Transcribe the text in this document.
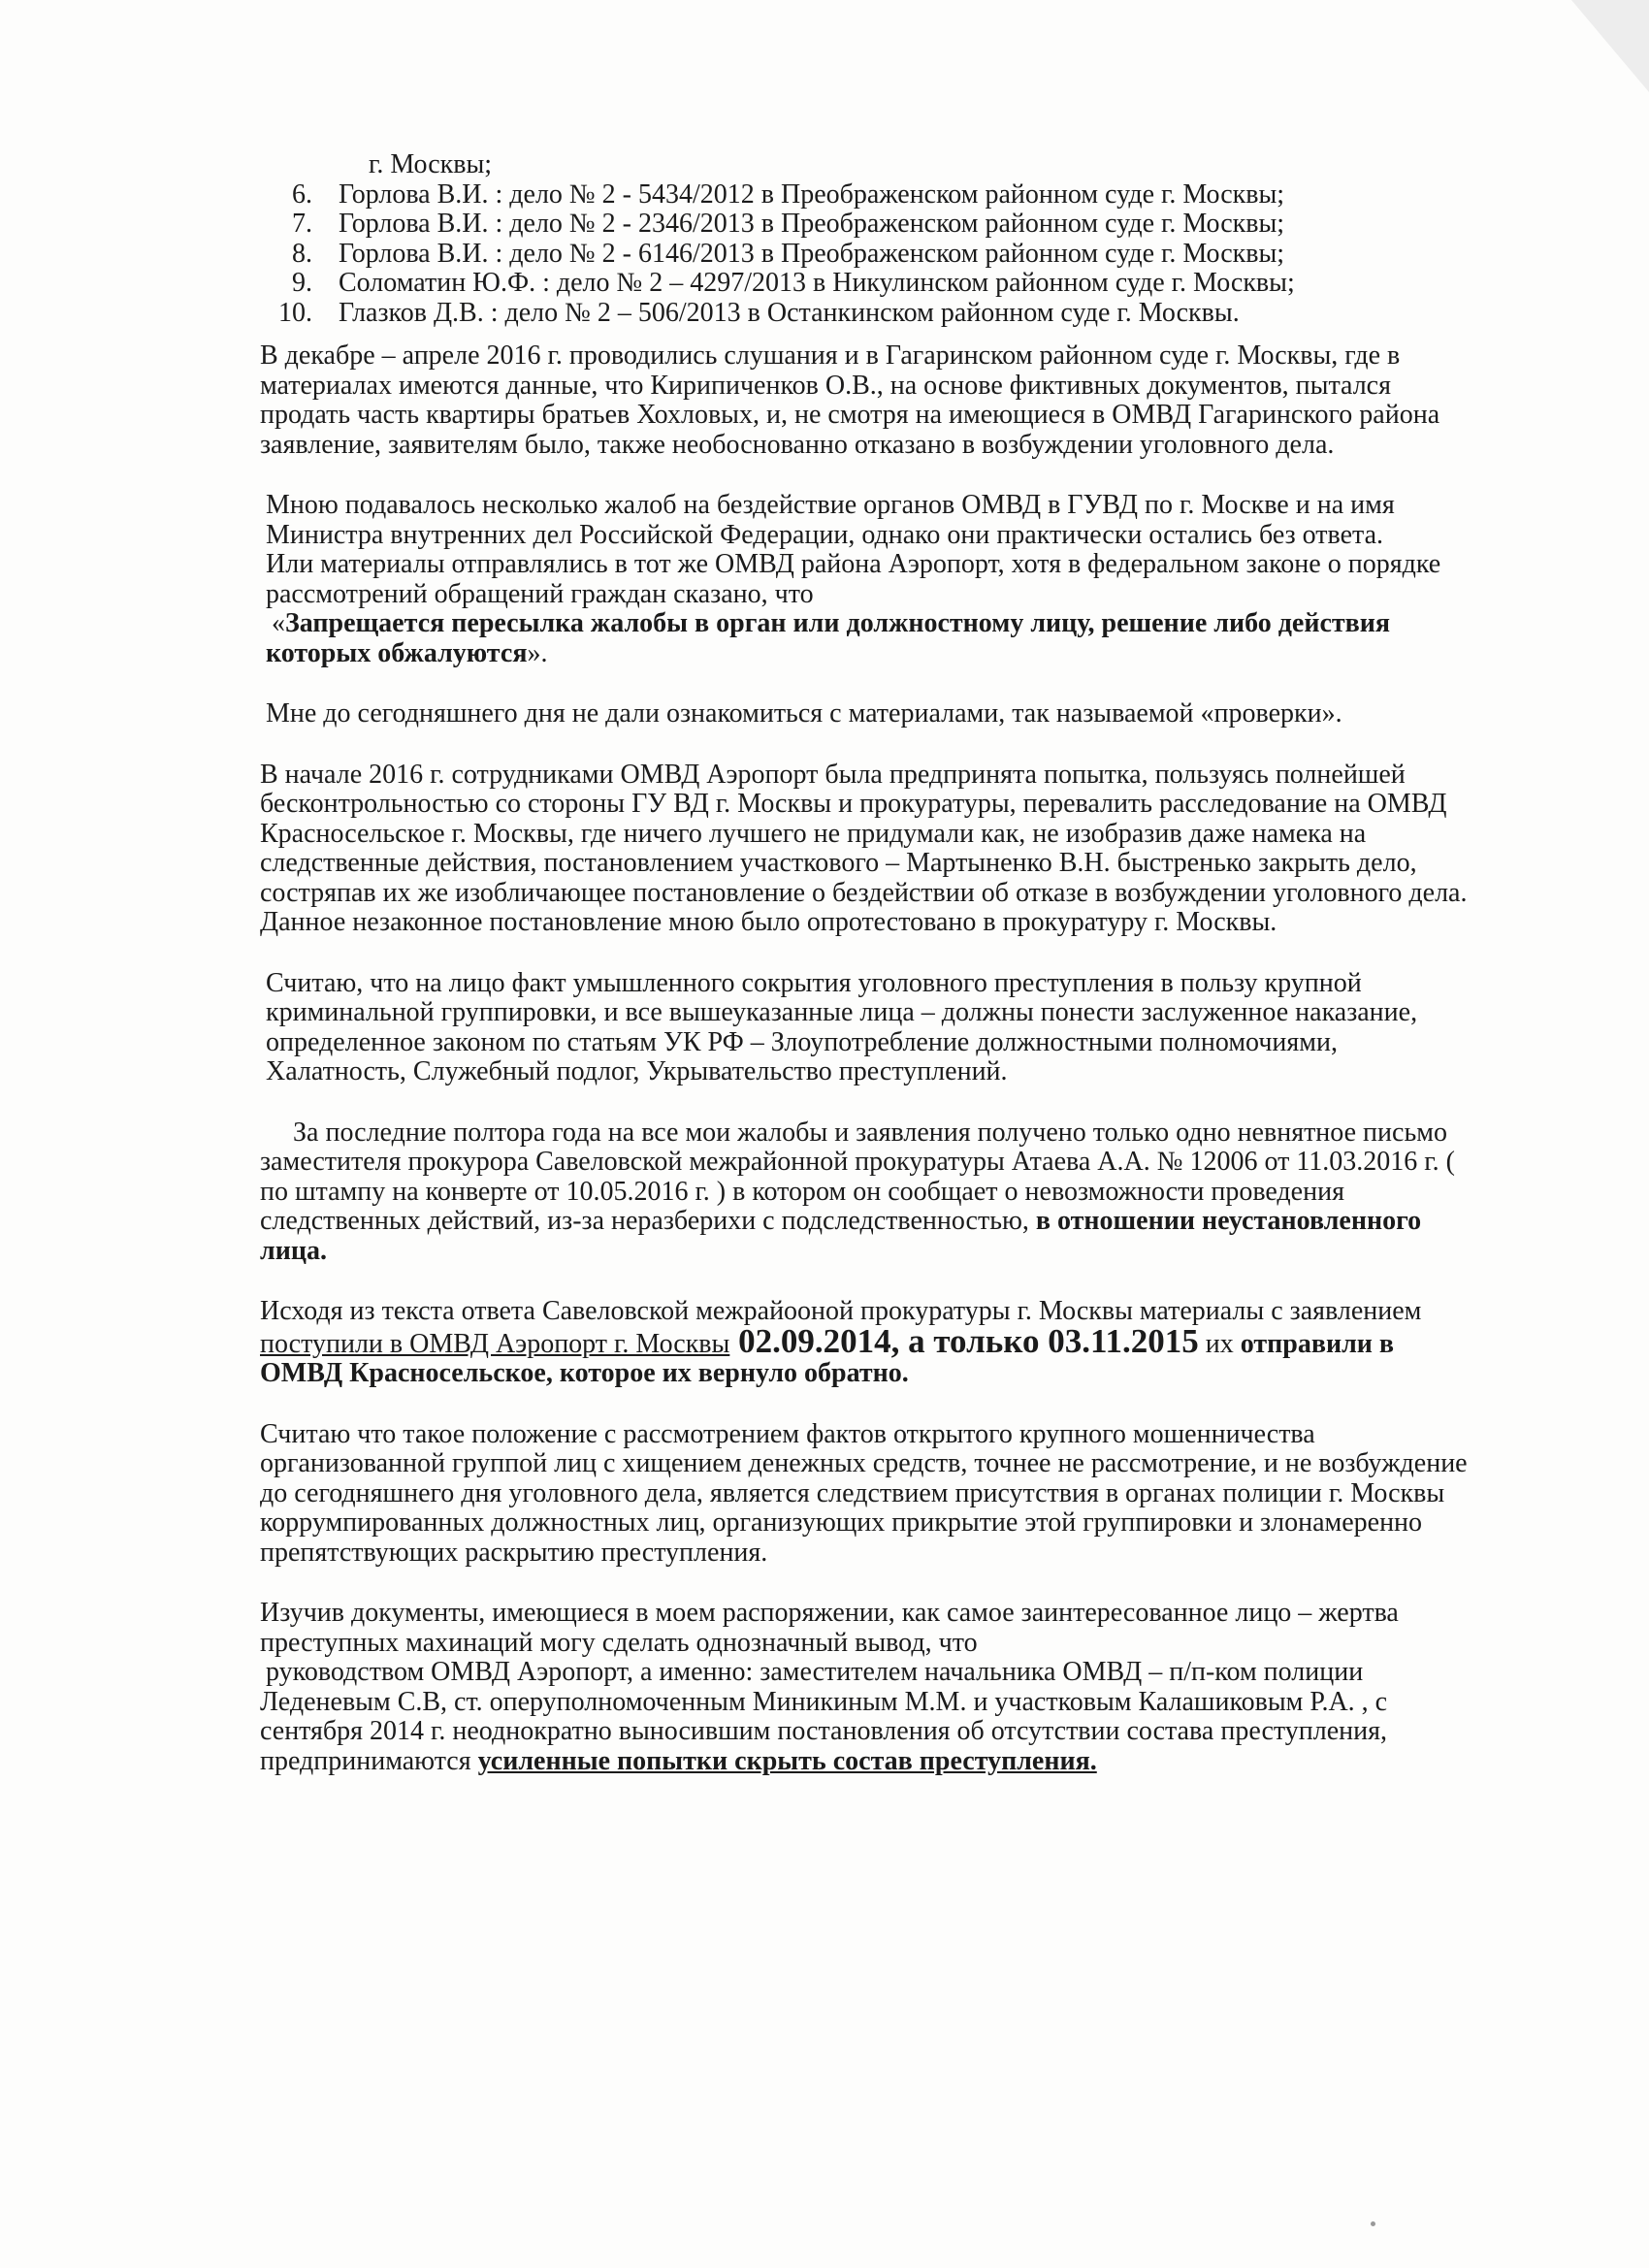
г. Москвы;
6. Горлова В.И. : дело № 2 - 5434/2012 в Преображенском районном суде г. Москвы;
7. Горлова В.И. : дело № 2 - 2346/2013 в Преображенском районном суде г. Москвы;
8. Горлова В.И. : дело № 2 - 6146/2013 в Преображенском районном суде г. Москвы;
9. Соломатин Ю.Ф. : дело № 2 – 4297/2013 в Никулинском районном суде г. Москвы;
10. Глазков Д.В. : дело № 2 – 506/2013 в Останкинском районном суде г. Москвы.

В декабре – апреле 2016 г. проводились слушания и в Гагаринском районном суде г. Москвы, где в материалах имеются данные, что Кирипиченков О.В., на основе фиктивных документов, пытался продать часть квартиры братьев Хохловых, и, не смотря на имеющиеся в ОМВД Гагаринского района заявление, заявителям было, также необоснованно отказано в возбуждении уголовного дела.

Мною подавалось несколько жалоб на бездействие органов ОМВД в ГУВД по г. Москве и на имя Министра внутренних дел Российской Федерации, однако они практически остались без ответа.
Или материалы отправлялись в тот же ОМВД района Аэропорт, хотя в федеральном законе о порядке рассмотрений обращений граждан сказано, что
«Запрещается пересылка жалобы в орган или должностному лицу, решение либо действия которых обжалуются».

Мне до сегодняшнего дня не дали ознакомиться с материалами, так называемой «проверки».

В начале 2016 г. сотрудниками ОМВД Аэропорт была предпринята попытка, пользуясь полнейшей бесконтрольностью со стороны ГУ ВД г. Москвы и прокуратуры, перевалить расследование на ОМВД Красносельское г. Москвы, где ничего лучшего не придумали как, не изобразив даже намека на следственные действия, постановлением участкового – Мартыненко В.Н. быстренько закрыть дело, состряпав их же изобличающее постановление о бездействии об отказе в возбуждении уголовного дела. Данное незаконное постановление мною было опротестовано в прокуратуру г. Москвы.

Считаю, что на лицо факт умышленного сокрытия уголовного преступления в пользу крупной криминальной группировки, и все вышеуказанные лица – должны понести заслуженное наказание, определенное законом по статьям УК РФ – Злоупотребление должностными полномочиями, Халатность, Служебный подлог, Укрывательство преступлений.

За последние полтора года на все мои жалобы и заявления получено только одно невнятное письмо заместителя прокурора Савеловской межрайонной прокуратуры Атаева А.А. № 12006 от 11.03.2016 г. ( по штампу на конверте от 10.05.2016 г. ) в котором он сообщает о невозможности проведения следственных действий, из-за неразберихи с подследственностью, в отношении неустановленного лица.

Исходя из текста ответа Савеловской межрайооной прокуратуры г. Москвы материалы с заявлением поступили в ОМВД Аэропорт г. Москвы 02.09.2014, а только 03.11.2015 их отправили в ОМВД Красносельское, которое их вернуло обратно.

Считаю что такое положение с рассмотрением фактов открытого крупного мошенничества организованной группой лиц с хищением денежных средств, точнее не рассмотрение, и не возбуждение до сегодняшнего дня уголовного дела, является следствием присутствия в органах полиции г. Москвы коррумпированных должностных лиц, организующих прикрытие этой группировки и злонамеренно препятствующих раскрытию преступления.

Изучив документы, имеющиеся в моем распоряжении, как самое заинтересованное лицо – жертва преступных махинаций могу сделать однозначный вывод, что
руководством ОМВД Аэропорт, а именно: заместителем начальника ОМВД – п/п-ком полиции Леденевым С.В, ст. оперуполномоченным Миникиным М.М. и участковым Калашиковым Р.А. , с сентября 2014 г. неоднократно выносившим постановления об отсутствии состава преступления, предпринимаются усиленные попытки скрыть состав преступления.
